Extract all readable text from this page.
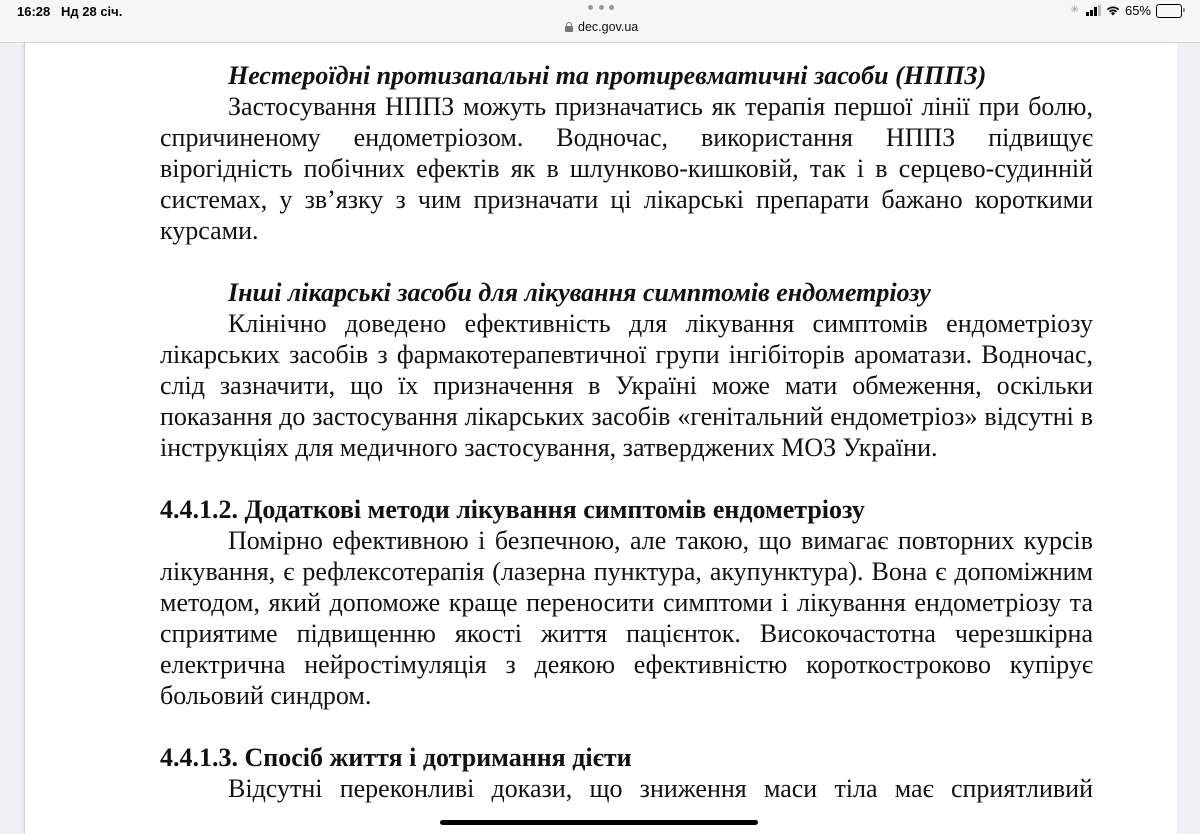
16:28 Нд 28 січ.
dec.gov.ua
✳	65%

Нестероїдні протизапальні та протиревматичні засоби (НППЗ)

Застосування НППЗ можуть призначатись як терапія першої лінії при болю, спричиненому ендометріозом. Водночас, використання НППЗ підвищує вірогідність побічних ефектів як в шлунково-кишковій, так і в серцево-судинній системах, у зв’язку з чим призначати ці лікарські препарати бажано короткими курсами.

Інші лікарські засоби для лікування симптомів ендометріозу

Клінічно доведено ефективність для лікування симптомів ендометріозу лікарських засобів з фармакотерапевтичної групи інгібіторів ароматази. Водночас, слід зазначити, що їх призначення в Україні може мати обмеження, оскільки показання до застосування лікарських засобів «генітальний ендометріоз» відсутні в інструкціях для медичного застосування, затверджених МОЗ України.

4.4.1.2. Додаткові методи лікування симптомів ендометріозу

Помірно ефективною і безпечною, але такою, що вимагає повторних курсів лікування, є рефлексотерапія (лазерна пунктура, акупунктура). Вона є допоміжним методом, який допоможе краще переносити симптоми і лікування ендометріозу та сприятиме підвищенню якості життя пацієнток. Високочастотна черезшкірна електрична нейростімуляція з деякою ефективністю короткостроково купірує больовий синдром.

4.4.1.3. Спосіб життя і дотримання дієти

Відсутні переконливі докази, що зниження маси тіла має сприятливий
